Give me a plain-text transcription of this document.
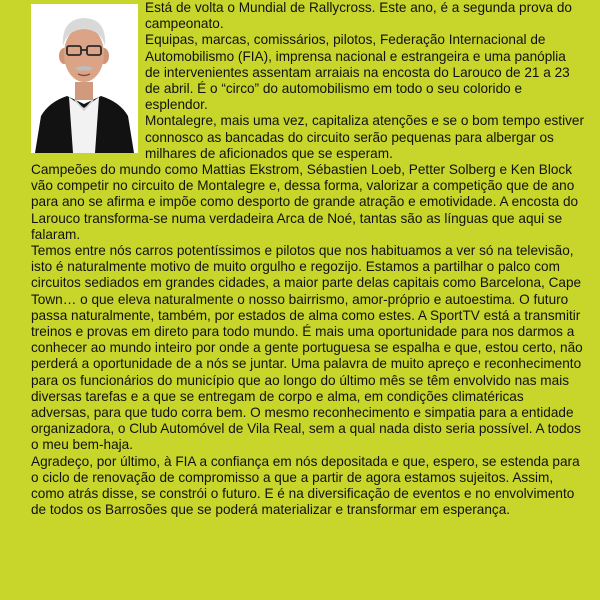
Está de volta o Mundial de Rallycross. Este ano, é a segunda prova do campeonato.

Equipas, marcas, comissários, pilotos, Federação Internacional de Automobilismo (FIA), imprensa nacional e estrangeira e uma panóplia de intervenientes assentam arraiais na encosta do Larouco de 21 a 23 de abril. É o “circo” do automobilismo em todo o seu colorido e esplendor.

Montalegre, mais uma vez, capitaliza atenções e se o bom tempo estiver connosco as bancadas do circuito serão pequenas para albergar os milhares de aficionados que se esperam.

Campeões do mundo como Mattias Ekstrom, Sébastien Loeb, Petter Solberg e Ken Block vão competir no circuito de Montalegre e, dessa forma, valorizar a competição que de ano para ano se afirma e impõe como desporto de grande atração e emotividade. A encosta do Larouco transforma-se numa verdadeira Arca de Noé, tantas são as línguas que aqui se falaram.

Temos entre nós carros potentíssimos e pilotos que nos habituamos a ver só na televisão, isto é naturalmente motivo de muito orgulho e regozijo. Estamos a partilhar o palco com circuitos sediados em grandes cidades, a maior parte delas capitais como Barcelona, Cape Town… o que eleva naturalmente o nosso bairrismo, amor-próprio e autoestima. O futuro passa naturalmente, também, por estados de alma como estes. A SportTV está a transmitir treinos e provas em direto para todo mundo. É mais uma oportunidade para nos darmos a conhecer ao mundo inteiro por onde a gente portuguesa se espalha e que, estou certo, não perderá a oportunidade de a nós se juntar. Uma palavra de muito apreço e reconhecimento para os funcionários do município que ao longo do último mês se têm envolvido nas mais diversas tarefas e a que se entregam de corpo e alma, em condições climatéricas adversas, para que tudo corra bem. O mesmo reconhecimento e simpatia para a entidade organizadora, o Club Automóvel de Vila Real, sem a qual nada disto seria possível. A todos o meu bem-haja.

Agradeço, por último, à FIA a confiança em nós depositada e que, espero, se estenda para o ciclo de renovação de compromisso a que a partir de agora estamos sujeitos. Assim, como atrás disse, se constrói o futuro. E é na diversificação de eventos e no envolvimento de todos os Barrosões que se poderá materializar e transformar em esperança.
